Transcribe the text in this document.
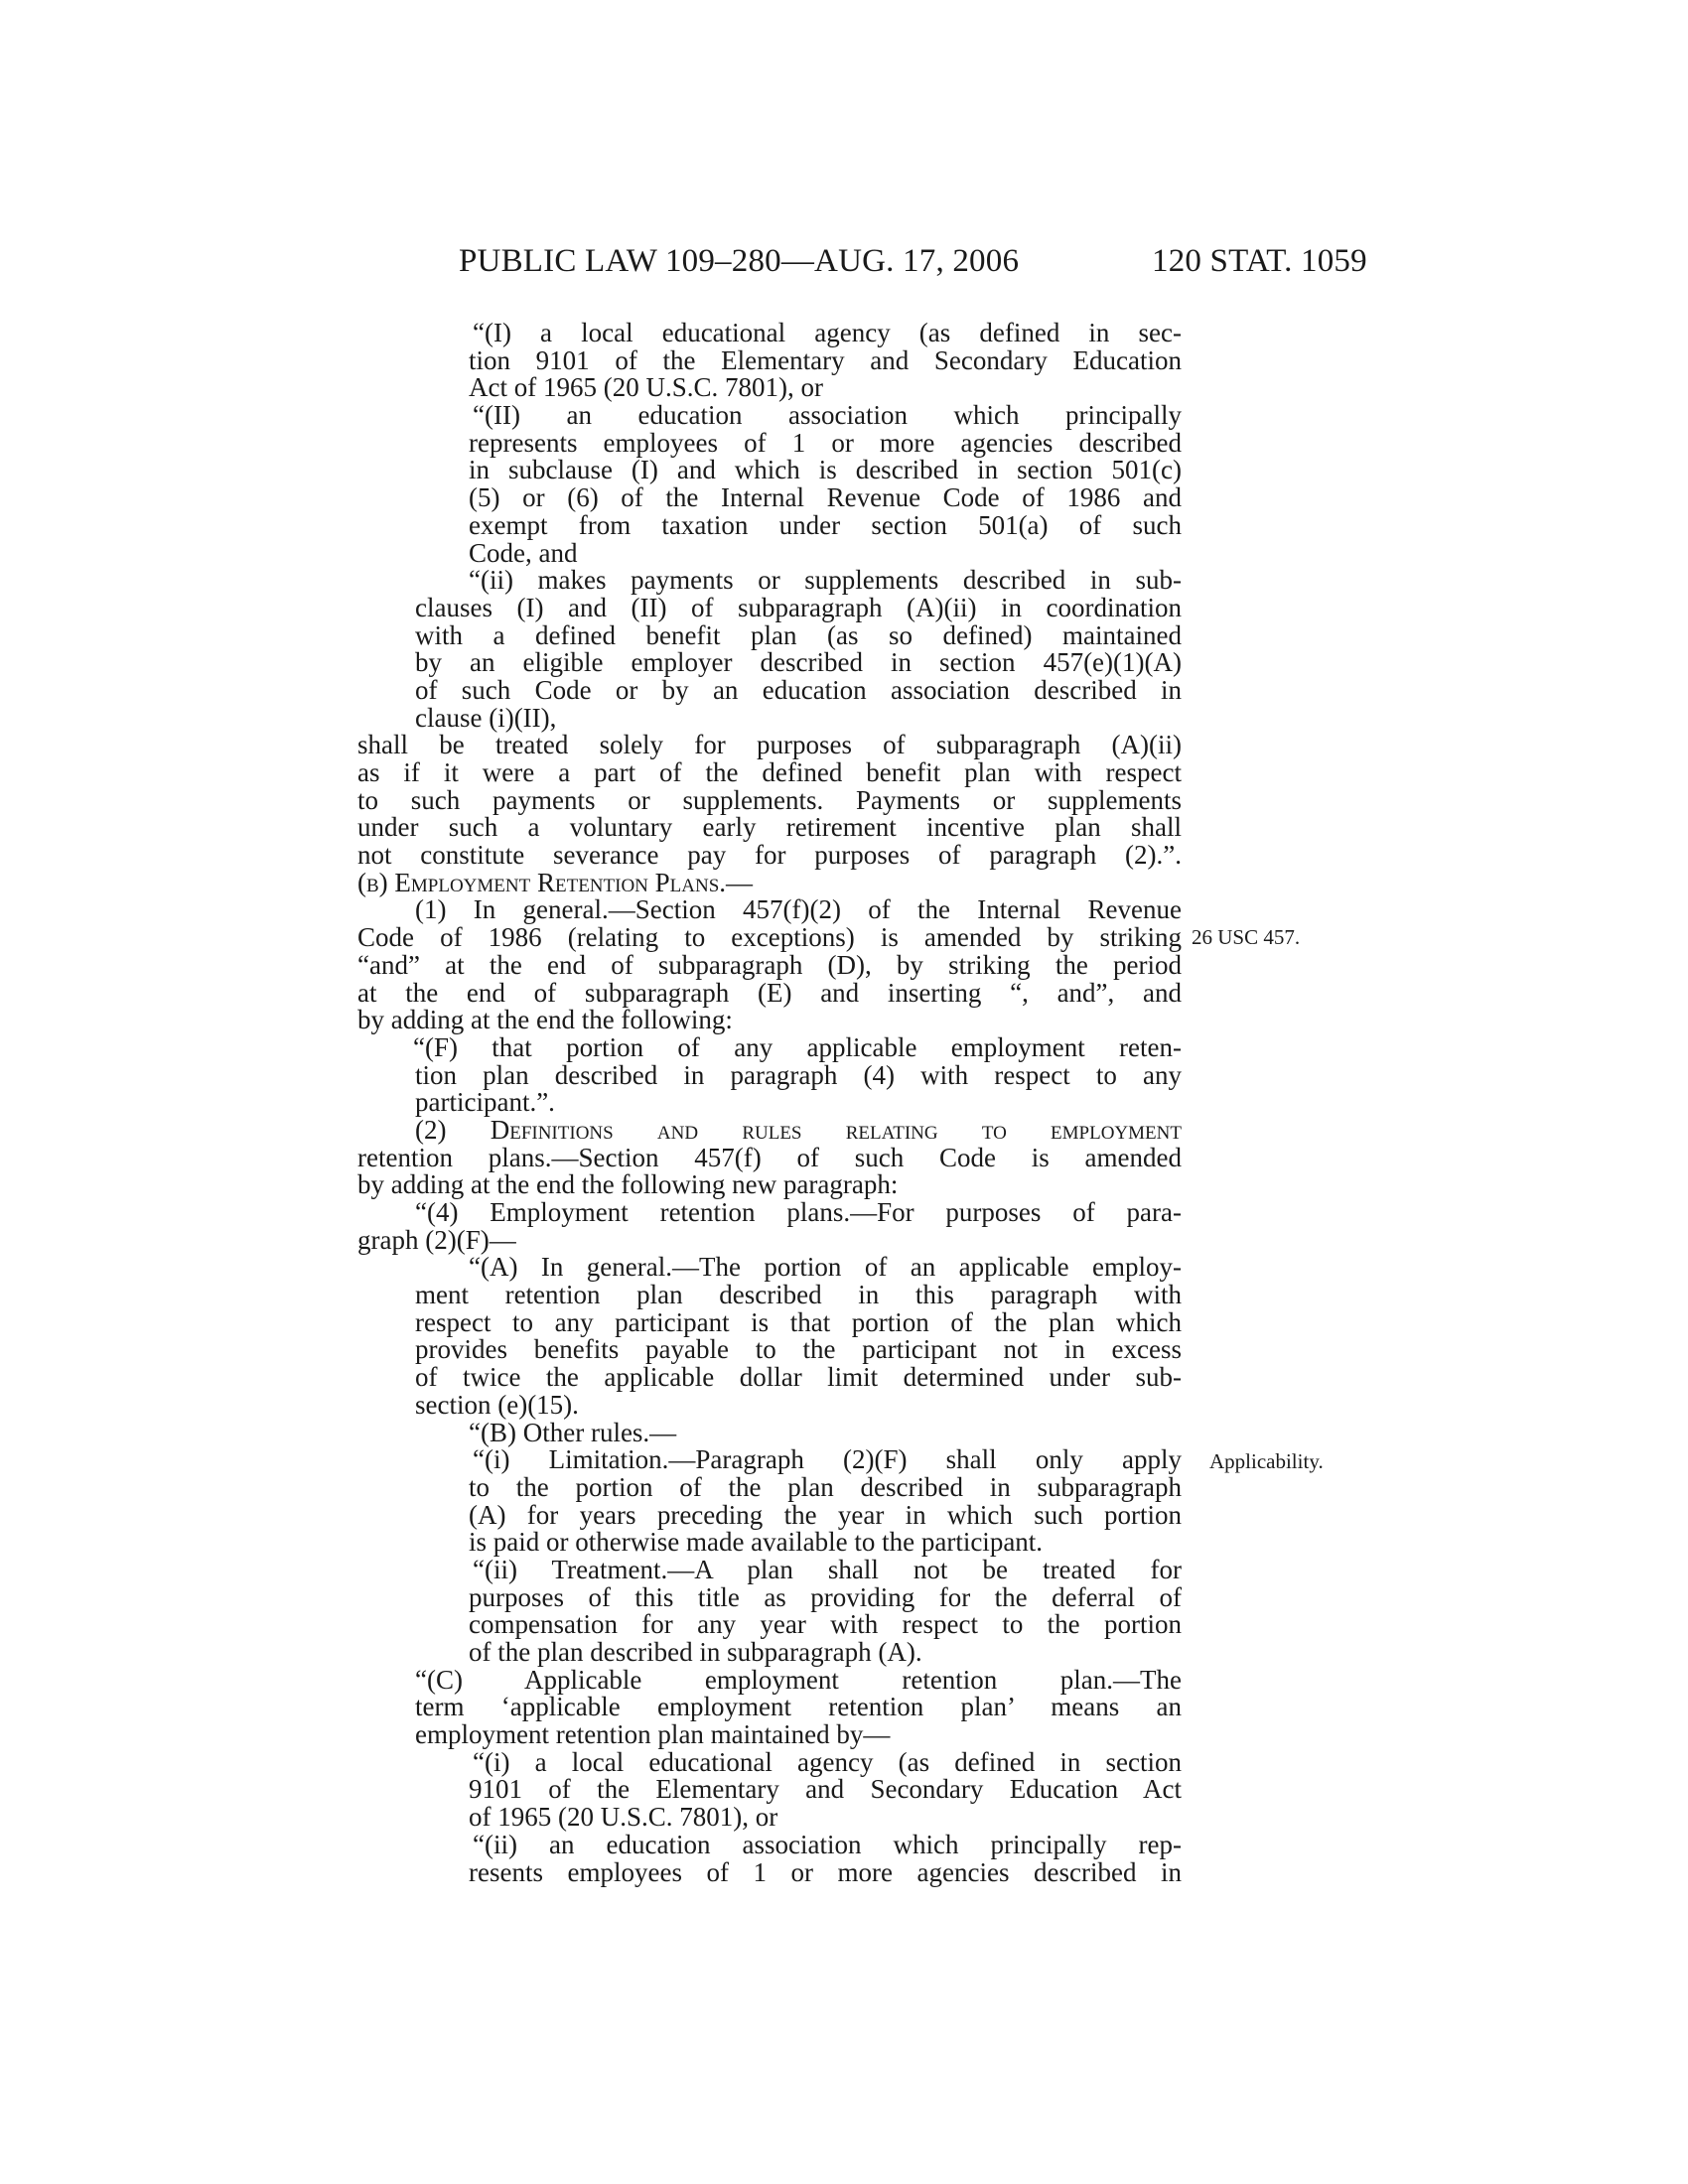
PUBLIC LAW 109–280—AUG. 17, 2006	120 STAT. 1059
26 USC 457.
Applicability.
“(I) a local educational agency (as defined in sec-
tion 9101 of the Elementary and Secondary Education
Act of 1965 (20 U.S.C. 7801), or
“(II) an education association which principally
represents employees of 1 or more agencies described
in subclause (I) and which is described in section 501(c)
(5) or (6) of the Internal Revenue Code of 1986 and
exempt from taxation under section 501(a) of such
Code, and
“(ii) makes payments or supplements described in sub-
clauses (I) and (II) of subparagraph (A)(ii) in coordination
with a defined benefit plan (as so defined) maintained
by an eligible employer described in section 457(e)(1)(A)
of such Code or by an education association described in
clause (i)(II),
shall be treated solely for purposes of subparagraph (A)(ii)
as if it were a part of the defined benefit plan with respect
to such payments or supplements. Payments or supplements
under such a voluntary early retirement incentive plan shall
not constitute severance pay for purposes of paragraph (2).”.
(b) Employment Retention Plans.—
(1) In general.—Section 457(f)(2) of the Internal Revenue
Code of 1986 (relating to exceptions) is amended by striking
“and” at the end of subparagraph (D), by striking the period
at the end of subparagraph (E) and inserting “, and”, and
by adding at the end the following:
“(F) that portion of any applicable employment reten-
tion plan described in paragraph (4) with respect to any
participant.”.
(2) Definitions and rules relating to employment
retention plans.—Section 457(f) of such Code is amended
by adding at the end the following new paragraph:
“(4) Employment retention plans.—For purposes of para-
graph (2)(F)—
“(A) In general.—The portion of an applicable employ-
ment retention plan described in this paragraph with
respect to any participant is that portion of the plan which
provides benefits payable to the participant not in excess
of twice the applicable dollar limit determined under sub-
section (e)(15).
“(B) Other rules.—
“(i) Limitation.—Paragraph (2)(F) shall only apply
to the portion of the plan described in subparagraph
(A) for years preceding the year in which such portion
is paid or otherwise made available to the participant.
“(ii) Treatment.—A plan shall not be treated for
purposes of this title as providing for the deferral of
compensation for any year with respect to the portion
of the plan described in subparagraph (A).
“(C) Applicable employment retention plan.—The
term ‘applicable employment retention plan’ means an
employment retention plan maintained by—
“(i) a local educational agency (as defined in section
9101 of the Elementary and Secondary Education Act
of 1965 (20 U.S.C. 7801), or
“(ii) an education association which principally rep-
resents employees of 1 or more agencies described in
